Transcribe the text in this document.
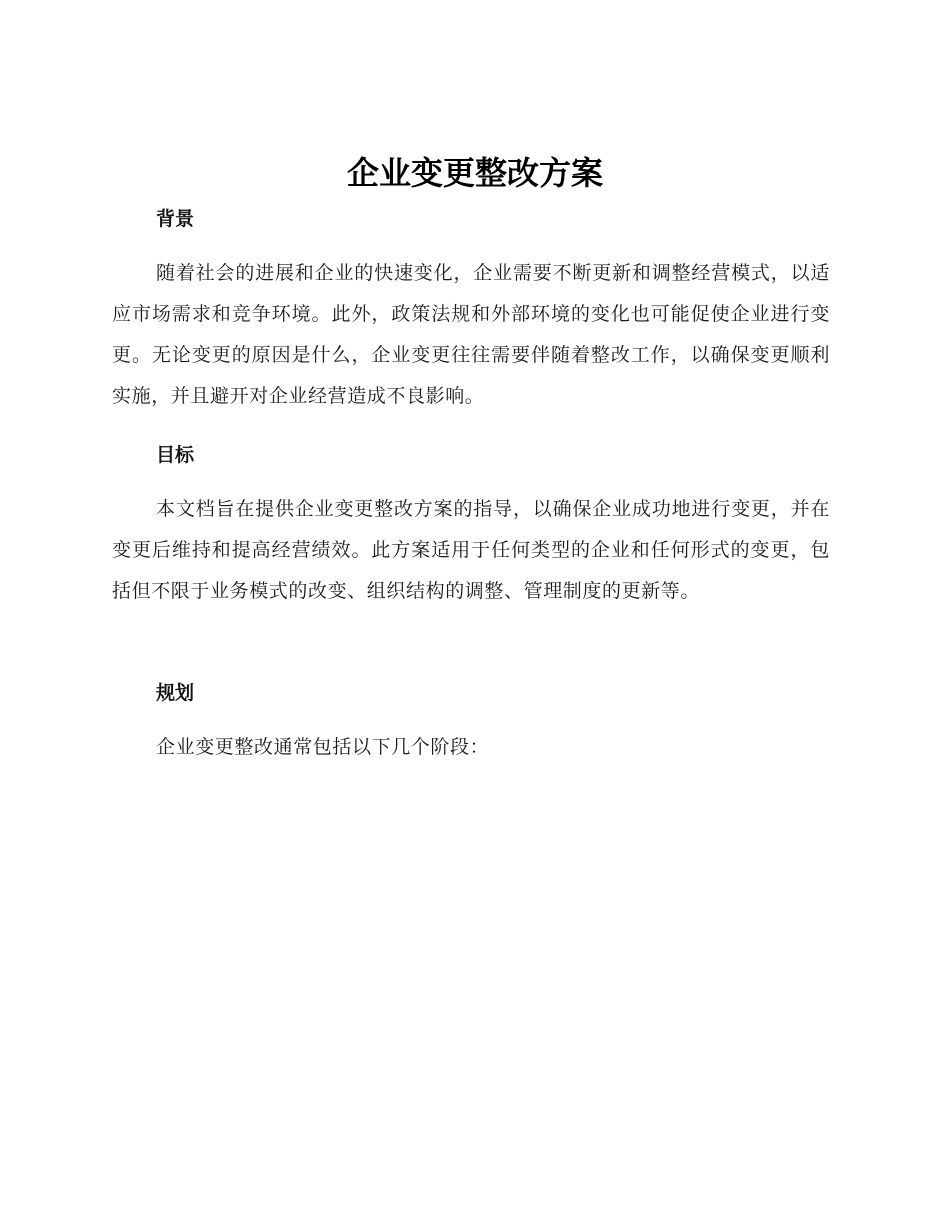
企业变更整改方案
背景

随着社会的进展和企业的快速变化，企业需要不断更新和调整经营模式，以适应市场需求和竞争环境。此外，政策法规和外部环境的变化也可能促使企业进行变更。无论变更的原因是什么，企业变更往往需要伴随着整改工作，以确保变更顺利实施，并且避开对企业经营造成不良影响。

目标

本文档旨在提供企业变更整改方案的指导，以确保企业成功地进行变更，并在变更后维持和提高经营绩效。此方案适用于任何类型的企业和任何形式的变更，包括但不限于业务模式的改变、组织结构的调整、管理制度的更新等。

规划

企业变更整改通常包括以下几个阶段：
